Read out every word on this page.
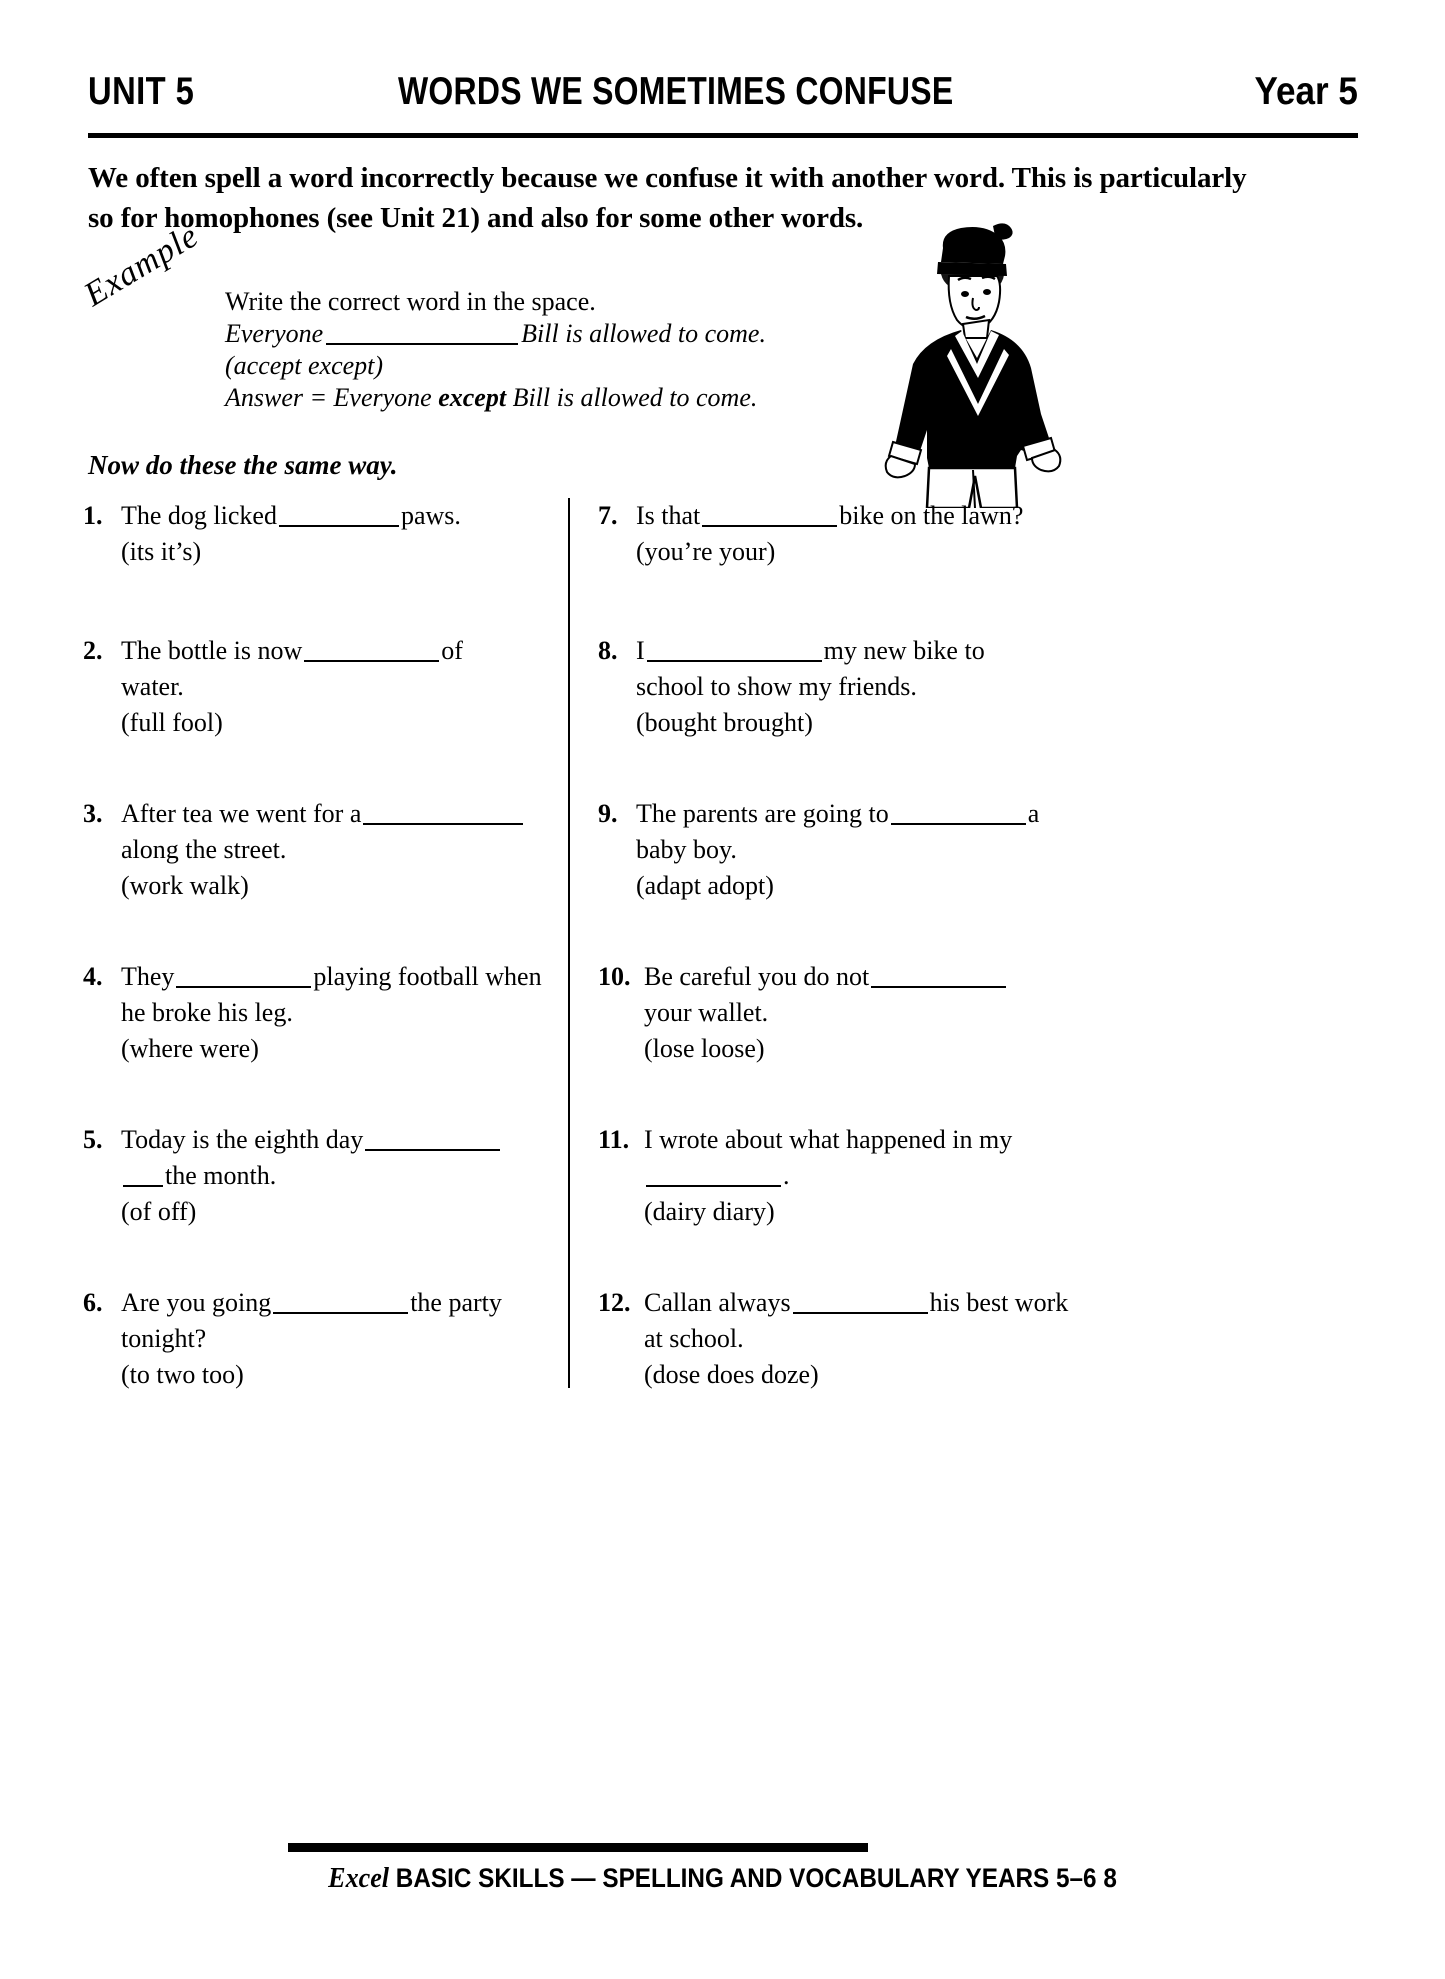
UNIT 5	WORDS WE SOMETIMES CONFUSE	Year 5
We often spell a word incorrectly because we confuse it with another word. This is particularly so for homophones (see Unit 21) and also for some other words.
Example Write the correct word in the space.
Everyone	Bill is allowed to come.
(accept except)
Answer = Everyone except Bill is allowed to come.
Now do these the same way.
1. The dog licked	paws.
(its it’s)
2. The bottle is now	of
water.
(full fool)
3. After tea we went for a
along the street.
(work walk)
4. They	playing football when
he broke his leg.
(where were)
5. Today is the eighth day
the month.
(of off)
6. Are you going	the party
tonight?
(to two too)
7. Is that	bike on the lawn?
(you’re your)
8. I	my new bike to
school to show my friends.
(bought brought)
9. The parents are going to	a
baby boy.
(adapt adopt)
10. Be careful you do not
your wallet.
(lose loose)
11. I wrote about what happened in my
.
(dairy diary)
12. Callan always	his best work
at school.
(dose does doze)
Excel BASIC SKILLS — SPELLING AND VOCABULARY YEARS 5–6 8
